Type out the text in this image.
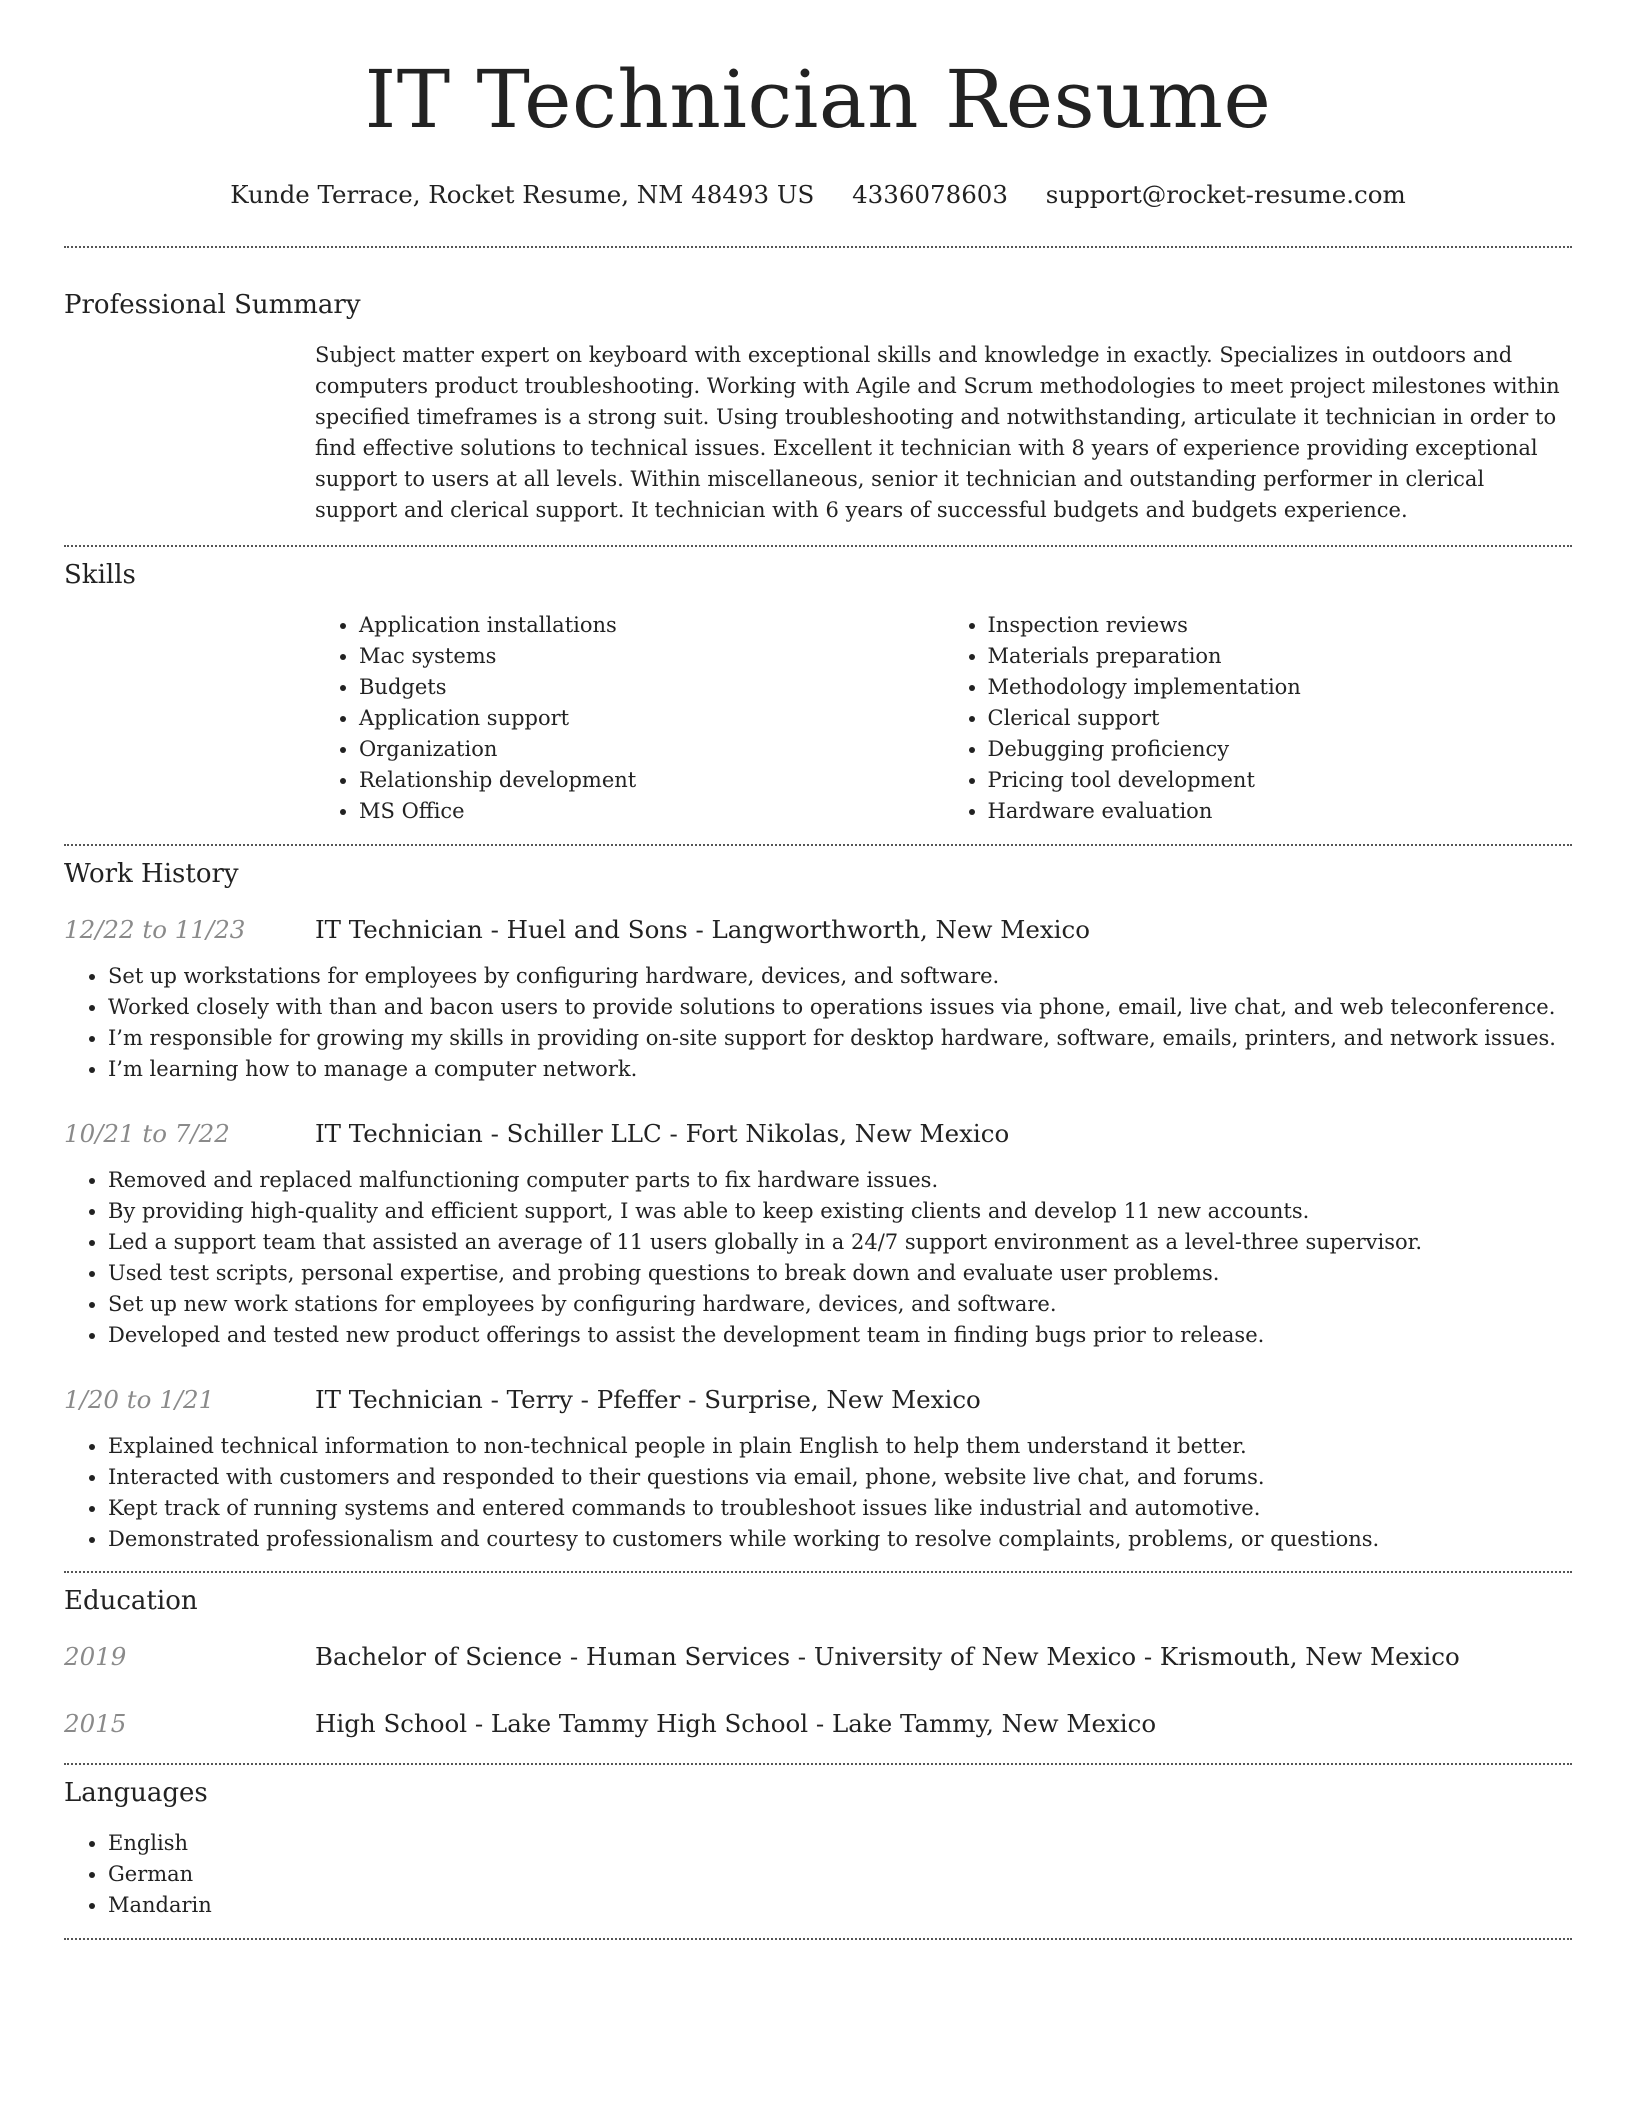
IT Technician Resume
Kunde Terrace, Rocket Resume, NM 48493 US 4336078603 support@rocket-resume.com
Professional Summary
Subject matter expert on keyboard with exceptional skills and knowledge in exactly. Specializes in outdoors and computers product troubleshooting. Working with Agile and Scrum methodologies to meet project milestones within specified timeframes is a strong suit. Using troubleshooting and notwithstanding, articulate it technician in order to find effective solutions to technical issues. Excellent it technician with 8 years of experience providing exceptional support to users at all levels. Within miscellaneous, senior it technician and outstanding performer in clerical support and clerical support. It technician with 6 years of successful budgets and budgets experience.
Skills
• Application installations
• Mac systems
• Budgets
• Application support
• Organization
• Relationship development
• MS Office
• Inspection reviews
• Materials preparation
• Methodology implementation
• Clerical support
• Debugging proficiency
• Pricing tool development
• Hardware evaluation
Work History
12/22 to 11/23	IT Technician - Huel and Sons - Langworthworth, New Mexico
• Set up workstations for employees by configuring hardware, devices, and software.
• Worked closely with than and bacon users to provide solutions to operations issues via phone, email, live chat, and web teleconference.
• I’m responsible for growing my skills in providing on-site support for desktop hardware, software, emails, printers, and network issues.
• I’m learning how to manage a computer network.
10/21 to 7/22	IT Technician - Schiller LLC - Fort Nikolas, New Mexico
• Removed and replaced malfunctioning computer parts to fix hardware issues.
• By providing high-quality and efficient support, I was able to keep existing clients and develop 11 new accounts.
• Led a support team that assisted an average of 11 users globally in a 24/7 support environment as a level-three supervisor.
• Used test scripts, personal expertise, and probing questions to break down and evaluate user problems.
• Set up new work stations for employees by configuring hardware, devices, and software.
• Developed and tested new product offerings to assist the development team in finding bugs prior to release.
1/20 to 1/21	IT Technician - Terry - Pfeffer - Surprise, New Mexico
• Explained technical information to non-technical people in plain English to help them understand it better.
• Interacted with customers and responded to their questions via email, phone, website live chat, and forums.
• Kept track of running systems and entered commands to troubleshoot issues like industrial and automotive.
• Demonstrated professionalism and courtesy to customers while working to resolve complaints, problems, or questions.
Education
2019	Bachelor of Science - Human Services - University of New Mexico - Krismouth, New Mexico
2015	High School - Lake Tammy High School - Lake Tammy, New Mexico
Languages
• English
• German
• Mandarin
